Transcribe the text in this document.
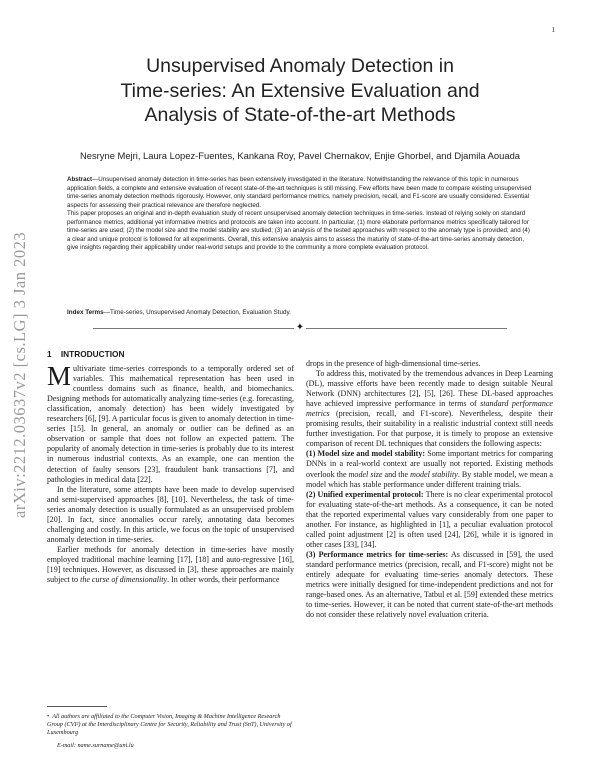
1
arXiv:2212.03637v2 [cs.LG] 3 Jan 2023
Unsupervised Anomaly Detection in
Time-series: An Extensive Evaluation and
Analysis of State-of-the-art Methods
Nesryne Mejri, Laura Lopez-Fuentes, Kankana Roy, Pavel Chernakov, Enjie Ghorbel, and Djamila Aouada

Abstract—Unsupervised anomaly detection in time-series has been extensively investigated in the literature. Notwithstanding the relevance of this topic in numerous application fields, a complete and extensive evaluation of recent state-of-the-art techniques is still missing. Few efforts have been made to compare existing unsupervised time-series anomaly detection methods rigorously. However, only standard performance metrics, namely precision, recall, and F1-score are usually considered. Essential aspects for assessing their practical relevance are therefore neglected.

This paper proposes an original and in-depth evaluation study of recent unsupervised anomaly detection techniques in time-series. Instead of relying solely on standard performance metrics, additional yet informative metrics and protocols are taken into account. In particular, (1) more elaborate performance metrics specifically tailored for time-series are used; (2) the model size and the model stability are studied; (3) an analysis of the tested approaches with respect to the anomaly type is provided; and (4) a clear and unique protocol is followed for all experiments. Overall, this extensive analysis aims to assess the maturity of state-of-the-art time-series anomaly detection, give insights regarding their applicability under real-world setups and provide to the community a more complete evaluation protocol.

Index Terms—Time-series, Unsupervised Anomaly Detection, Evaluation Study.
✦

1 INTRODUCTION

Multivariate time-series corresponds to a temporally ordered set of variables. This mathematical representation has been used in countless domains such as finance, health, and biomechanics. Designing methods for automatically analyzing time-series (e.g. forecasting, classification, anomaly detection) has been widely investigated by researchers [6], [9]. A particular focus is given to anomaly detection in time-series [15]. In general, an anomaly or outlier can be defined as an observation or sample that does not follow an expected pattern. The popularity of anomaly detection in time-series is probably due to its interest in numerous industrial contexts. As an example, one can mention the detection of faulty sensors [23], fraudulent bank transactions [7], and pathologies in medical data [22].

In the literature, some attempts have been made to develop supervised and semi-supervised approaches [8], [10]. Nevertheless, the task of time-series anomaly detection is usually formulated as an unsupervised problem [20]. In fact, since anomalies occur rarely, annotating data becomes challenging and costly. In this article, we focus on the topic of unsupervised anomaly detection in time-series.

Earlier methods for anomaly detection in time-series have mostly employed traditional machine learning [17], [18] and auto-regressive [16], [19] techniques. However, as discussed in [3], these approaches are mainly subject to the curse of dimensionality. In other words, their performance

drops in the presence of high-dimensional time-series.

To address this, motivated by the tremendous advances in Deep Learning (DL), massive efforts have been recently made to design suitable Neural Network (DNN) architectures [2], [5], [26]. These DL-based approaches have achieved impressive performance in terms of standard performance metrics (precision, recall, and F1-score). Nevertheless, despite their promising results, their suitability in a realistic industrial context still needs further investigation. For that purpose, it is timely to propose an extensive comparison of recent DL techniques that considers the following aspects:

(1) Model size and model stability: Some important metrics for comparing DNNs in a real-world context are usually not reported. Existing methods overlook the model size and the model stability. By stable model, we mean a model which has stable performance under different training trials.

(2) Unified experimental protocol: There is no clear experimental protocol for evaluating state-of-the-art methods. As a consequence, it can be noted that the reported experimental values vary considerably from one paper to another. For instance, as highlighted in [1], a peculiar evaluation protocol called point adjustment [2] is often used [24], [26], while it is ignored in other cases [33], [34].

(3) Performance metrics for time-series: As discussed in [59], the used standard performance metrics (precision, recall, and F1-score) might not be entirely adequate for evaluating time-series anomaly detectors. These metrics were initially designed for time-independent predictions and not for range-based ones. As an alternative, Tatbul et al. [59] extended these metrics to time-series. However, it can be noted that current state-of-the-art methods do not consider these relatively novel evaluation criteria.

• All authors are affiliated to the Computer Vision, Imaging & Machine Intelligence Research Group (CVI²) at the Interdisciplinary Centre for Security, Reliability and Trust (SnT), University of Luxembourg

E-mail: name.surname@uni.lu
